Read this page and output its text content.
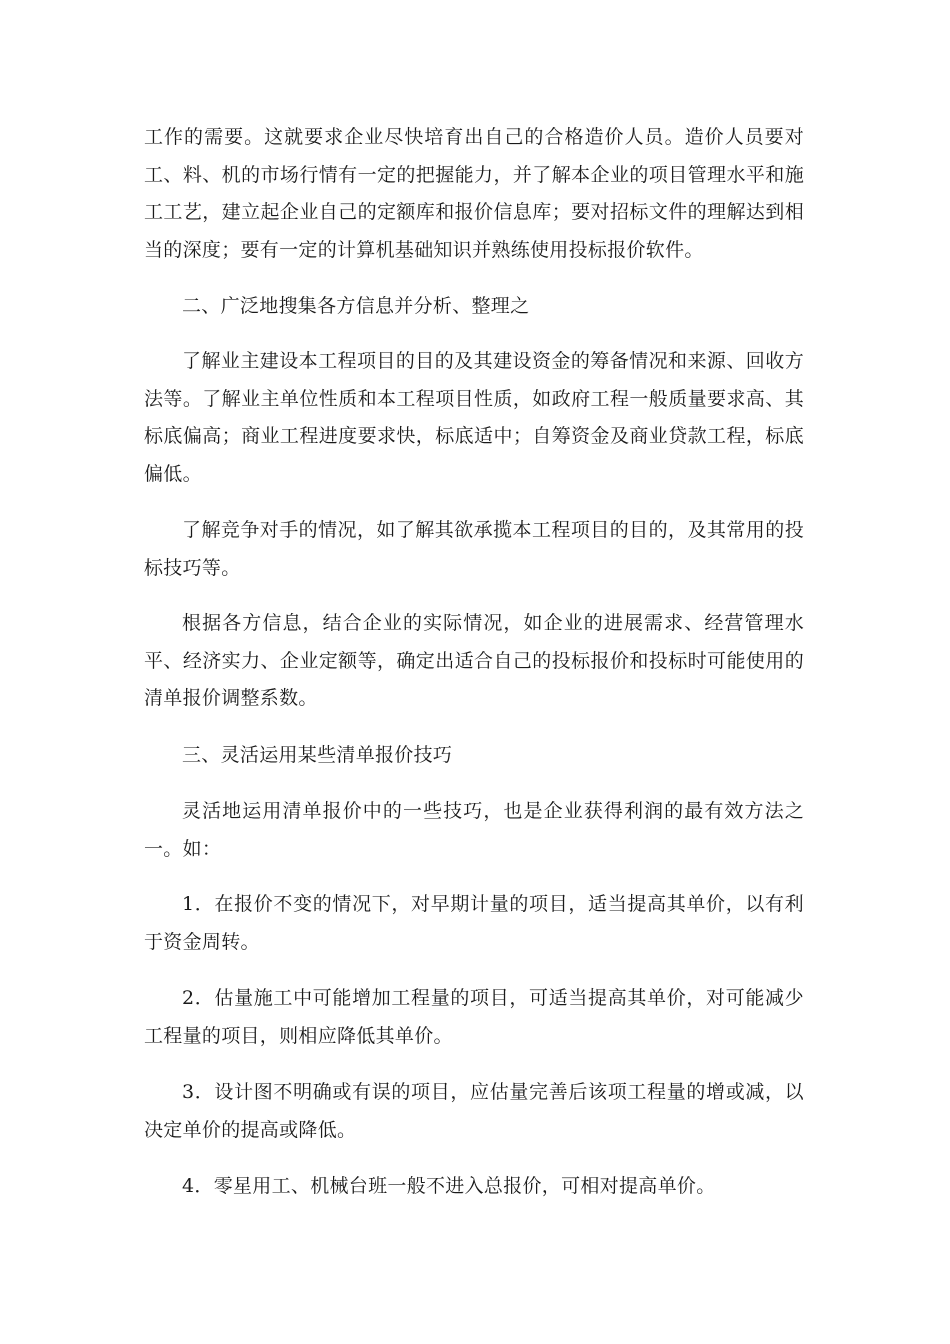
工作的需要。这就要求企业尽快培育出自己的合格造价人员。造价人员要对工、料、机的市场行情有一定的把握能力，并了解本企业的项目管理水平和施工工艺，建立起企业自己的定额库和报价信息库；要对招标文件的理解达到相当的深度；要有一定的计算机基础知识并熟练使用投标报价软件。

二、广泛地搜集各方信息并分析、整理之

了解业主建设本工程项目的目的及其建设资金的筹备情况和来源、回收方法等。了解业主单位性质和本工程项目性质，如政府工程一般质量要求高、其标底偏高；商业工程进度要求快，标底适中；自筹资金及商业贷款工程，标底偏低。

了解竞争对手的情况，如了解其欲承揽本工程项目的目的，及其常用的投标技巧等。

根据各方信息，结合企业的实际情况，如企业的进展需求、经营管理水平、经济实力、企业定额等，确定出适合自己的投标报价和投标时可能使用的清单报价调整系数。

三、灵活运用某些清单报价技巧

灵活地运用清单报价中的一些技巧，也是企业获得利润的最有效方法之一。如：

1．在报价不变的情况下，对早期计量的项目，适当提高其单价，以有利于资金周转。

2．估量施工中可能增加工程量的项目，可适当提高其单价，对可能减少工程量的项目，则相应降低其单价。

3．设计图不明确或有误的项目，应估量完善后该项工程量的增或减，以决定单价的提高或降低。

4．零星用工、机械台班一般不进入总报价，可相对提高单价。
